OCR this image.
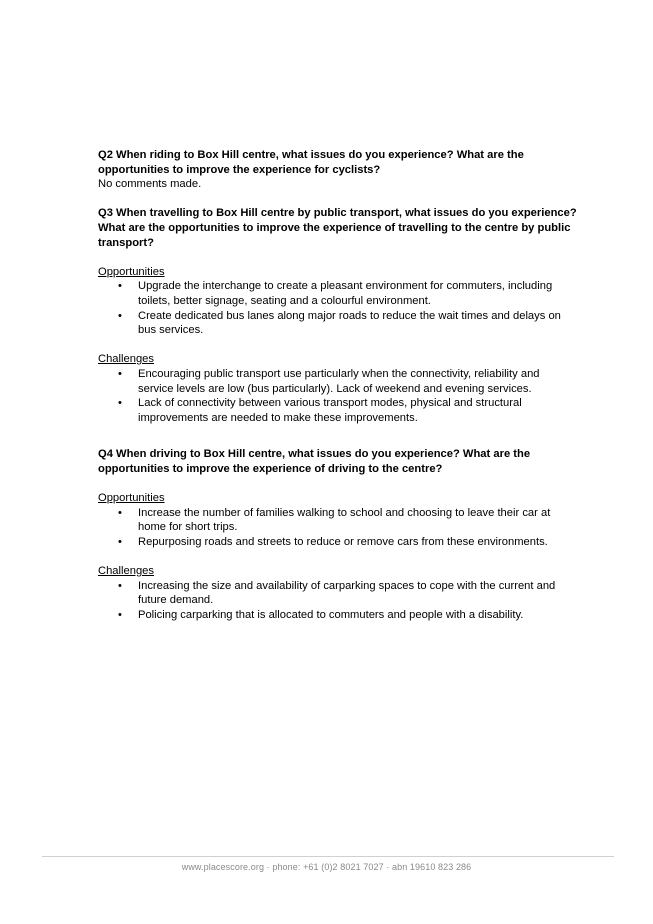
Q2 When riding to Box Hill centre, what issues do you experience? What are the opportunities to improve the experience for cyclists?

No comments made.

Q3 When travelling to Box Hill centre by public transport, what issues do you experience? What are the opportunities to improve the experience of travelling to the centre by public transport?

Opportunities

• Upgrade the interchange to create a pleasant environment for commuters, including toilets, better signage, seating and a colourful environment.
• Create dedicated bus lanes along major roads to reduce the wait times and delays on bus services.

Challenges

• Encouraging public transport use particularly when the connectivity, reliability and service levels are low (bus particularly). Lack of weekend and evening services.
• Lack of connectivity between various transport modes, physical and structural improvements are needed to make these improvements.

Q4 When driving to Box Hill centre, what issues do you experience? What are the opportunities to improve the experience of driving to the centre?

Opportunities

• Increase the number of families walking to school and choosing to leave their car at home for short trips.
• Repurposing roads and streets to reduce or remove cars from these environments.

Challenges

• Increasing the size and availability of carparking spaces to cope with the current and future demand.
• Policing carparking that is allocated to commuters and people with a disability.
www.placescore.org · phone: +61 (0)2 8021 7027 · abn 19610 823 286
